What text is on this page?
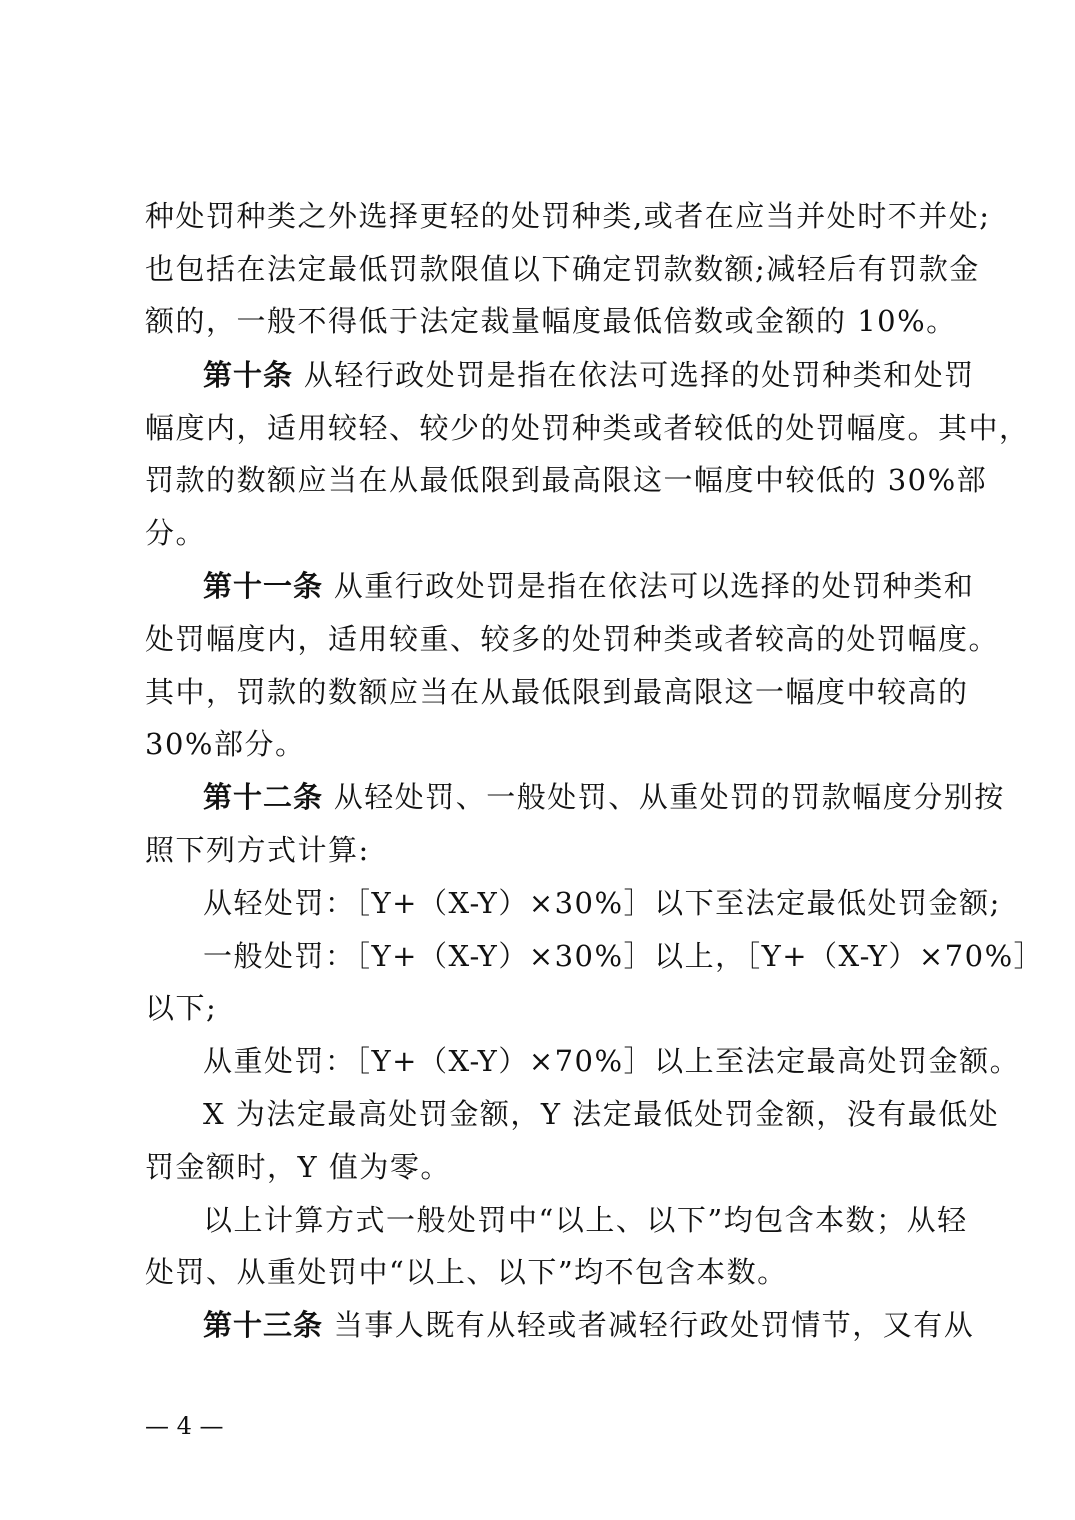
种处罚种类之外选择更轻的处罚种类,或者在应当并处时不并处;
也包括在法定最低罚款限值以下确定罚款数额;减轻后有罚款金
额的，一般不得低于法定裁量幅度最低倍数或金额的 10%。
第十条 从轻行政处罚是指在依法可选择的处罚种类和处罚
幅度内，适用较轻、较少的处罚种类或者较低的处罚幅度。其中，
罚款的数额应当在从最低限到最高限这一幅度中较低的 30%部
分。
第十一条 从重行政处罚是指在依法可以选择的处罚种类和
处罚幅度内，适用较重、较多的处罚种类或者较高的处罚幅度。
其中，罚款的数额应当在从最低限到最高限这一幅度中较高的
30%部分。
第十二条 从轻处罚、一般处罚、从重处罚的罚款幅度分别按
照下列方式计算:
从轻处罚：［Y+（X-Y）×30%］以下至法定最低处罚金额;
一般处罚：［Y+（X-Y）×30%］以上，［Y+（X-Y）×70%］
以下;
从重处罚：［Y+（X-Y）×70%］以上至法定最高处罚金额。
X 为法定最高处罚金额，Y 法定最低处罚金额，没有最低处
罚金额时，Y 值为零。
以上计算方式一般处罚中“以上、以下”均包含本数；从轻
处罚、从重处罚中“以上、以下”均不包含本数。
第十三条 当事人既有从轻或者减轻行政处罚情节，又有从
— 4 —
